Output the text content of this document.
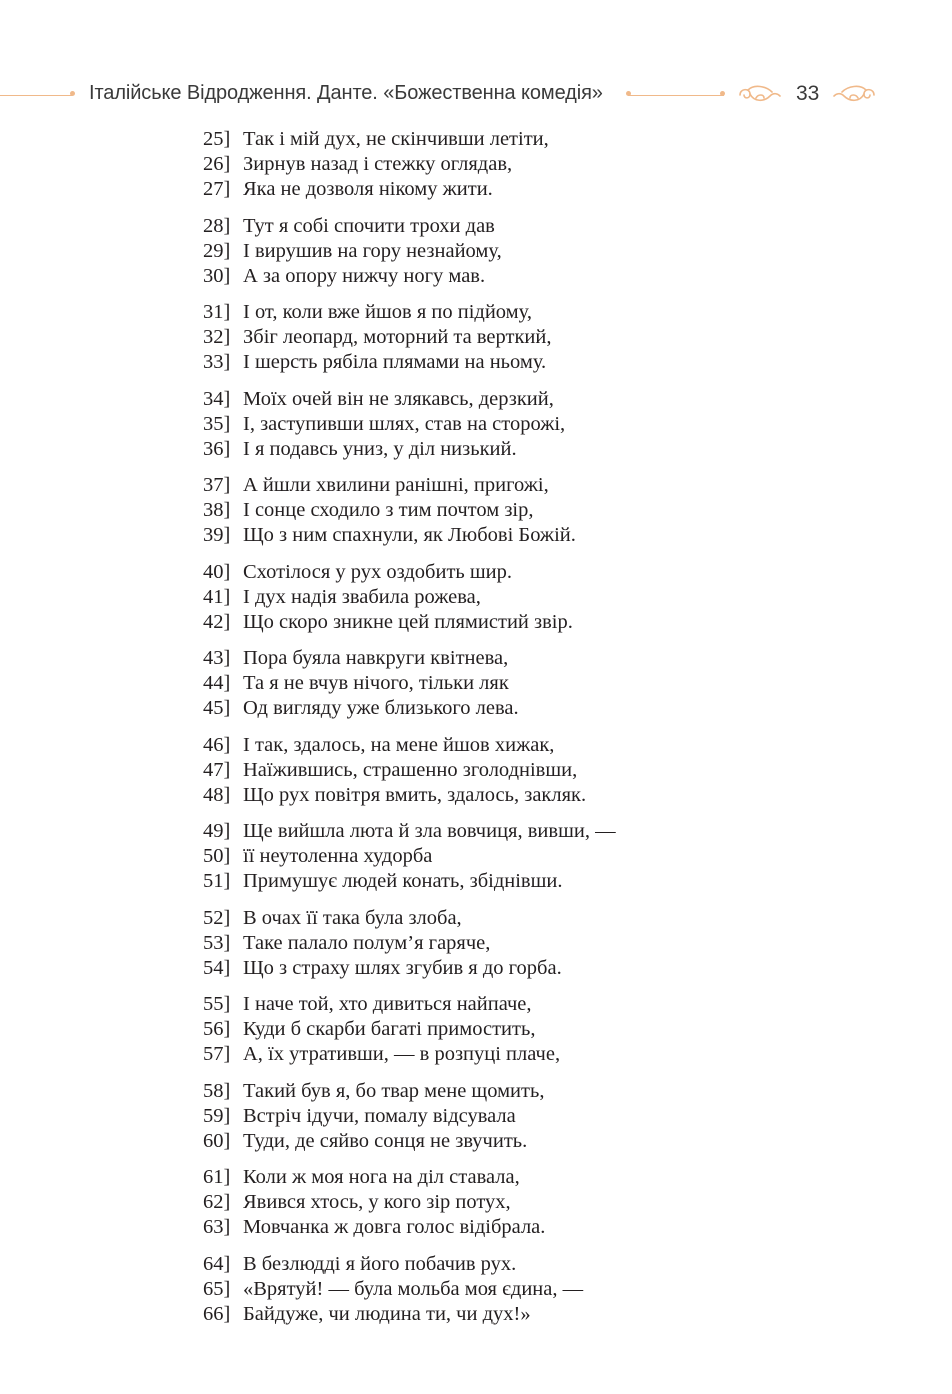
Італійське Відродження. Данте. «Божественна комедія»	33
25] Так і мій дух, не скінчивши летіти,
26] Зирнув назад і стежку оглядав,
27] Яка не дозволя нікому жити.
28] Тут я собі спочити трохи дав
29] І вирушив на гору незнайому,
30] А за опору нижчу ногу мав.
31] І от, коли вже йшов я по підйому,
32] Збіг леопард, моторний та верткий,
33] І шерсть рябіла плямами на ньому.
34] Моїх очей він не злякавсь, дерзкий,
35] І, заступивши шлях, став на сторожі,
36] І я подавсь униз, у діл низький.
37] А йшли хвилини ранішні, пригожі,
38] І сонце сходило з тим почтом зір,
39] Що з ним спахнули, як Любові Божій.
40] Схотілося у рух оздобить шир.
41] І дух надія звабила рожева,
42] Що скоро зникне цей плямистий звір.
43] Пора буяла навкруги квітнева,
44] Та я не вчув нічого, тільки ляк
45] Од вигляду уже близького лева.
46] І так, здалось, на мене йшов хижак,
47] Наїжившись, страшенно зголоднівши,
48] Що рух повітря вмить, здалось, закляк.
49] Ще вийшла люта й зла вовчиця, вивши, —
50] її неутоленна худорба
51] Примушує людей конать, збіднівши.
52] В очах її така була злоба,
53] Таке палало полум’я гаряче,
54] Що з страху шлях згубив я до горба.
55] І наче той, хто дивиться найпаче,
56] Куди б скарби багаті примостить,
57] А, їх утративши, — в розпуці плаче,
58] Такий був я, бо твар мене щомить,
59] Встріч ідучи, помалу відсувала
60] Туди, де сяйво сонця не звучить.
61] Коли ж моя нога на діл ставала,
62] Явився хтось, у кого зір потух,
63] Мовчанка ж довга голос відібрала.
64] В безлюдді я його побачив рух.
65] «Врятуй! — була мольба моя єдина, —
66] Байдуже, чи людина ти, чи дух!»
